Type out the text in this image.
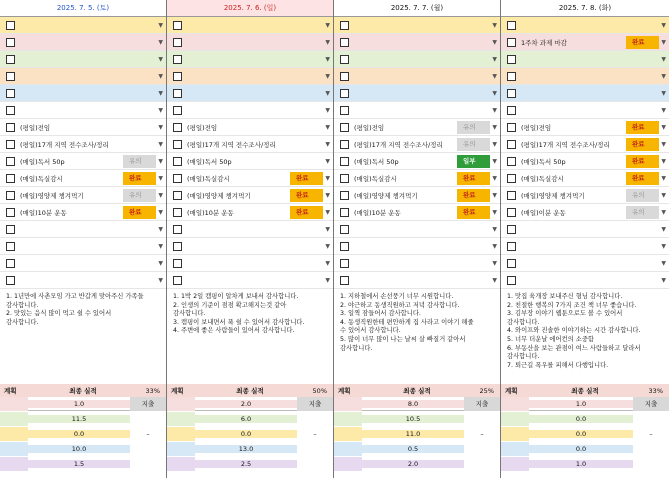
2025. 7. 5. (토)
▼
▼
▼
▼
▼
▼
(평일)전임	▼
(평일)17개 지역 전수조사/정리	▼
(매일)독서 50p	유의	▼
(매일)독실감시	완료	▼
(매일)영양제 챙겨먹기	유의	▼
(매일)10분 운동	완료	▼
▼
▼
▼
▼
1. 1년만에 사촌모임 가고 반갑게 맞아주신 가족들
감사합니다.
2. 맛있는 음식 많이 먹고 쉴 수 있어서
감사합니다.
계획	최종 실적	33%
1.0	지출
11.5
0.0	–
10.0
1.5
2025. 7. 6. (일)
▼
▼
▼
▼
▼
▼
(평일)전임	▼
(평일)17개 지역 전수조사/정리	▼
(매일)독서 50p	▼
(매일)독실감시	완료	▼
(매일)영양제 챙겨먹기	완료	▼
(매일)10분 운동	완료	▼
▼
▼
▼
▼
1. 1박 2일 캠핑이 알차게 보내서 감사합니다.
2. 인생의 기준이 점점 확고해지는것 같아
감사합니다.
3. 캠핑이 보내면서 푹 쉴 수 있어서 감사합니다.
4. 주변에 좋은 사람들이 있어서 감사합니다.
계획	최종 실적	50%
2.0	지출
6.0
0.0	–
13.0
2.5
2025. 7. 7. (월)
▼
▼
▼
▼
▼
▼
(평일)전임	유의	▼
(평일)17개 지역 전수조사/정리	유의	▼
(매일)독서 50p	일부	▼
(매일)독실감시	완료	▼
(매일)영양제 챙겨먹기	완료	▼
(매일)10분 운동	완료	▼
▼
▼
▼
▼
1. 지하철에서 손선풍기 너무 시원합니다.
2. 야근하고 동생직원하고 저녁 감사합니다.
3. 일찍 잠들어서 감사합니다.
4. 동생직원한테 편안하게 집 사라고 이야기 해줄
수 있어서 감사합니다.
5. 많이 너무 많이 나는 날씨 살 빠질거 같아서
감사합니다.
계획	최종 실적	25%
8.0	지출
10.5
11.0	–
0.5
2.0
2025. 7. 8. (화)
▼
1주차 과제 마감	완료	▼
▼
▼
▼
▼
(평일)전임	완료	▼
(평일)17개 지역 전수조사/정리	완료	▼
(매일)독서 50p	완료	▼
(매일)독실감시	완료	▼
(매일)영양제 챙겨먹기	유의	▼
(매일)이분 운동	유의	▼
▼
▼
▼
▼
1. 맛집 육개장 보내주신 형님 감사합니다.
2. 친절한 행복의 7가지 조건 책 너무 좋습니다.
3. 김부장 이야기 웹툰으로도 볼 수 있어서
감사합니다.
4. 와이프와 진솔한 이야기하는 시간 감사합니다.
5. 너무 더운날 에어컨의 소중함
6. 부동산을 보는 관점이 여느 사람들하고 달라서
감사합니다.
7. 퇴근길 폭우를 피해서 다행입니다.
계획	최종 실적	33%
1.0	지출
0.0
0.0	–
0.0
1.0
